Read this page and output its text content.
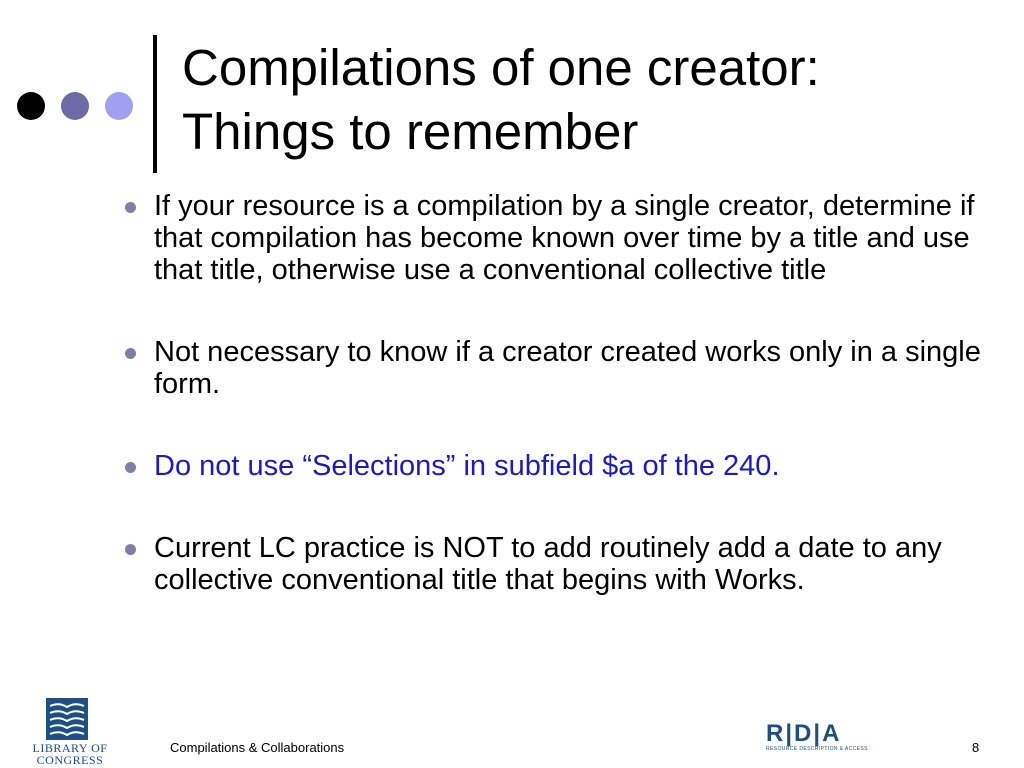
Compilations of one creator:
Things to remember
If your resource is a compilation by a single creator, determine if that compilation has become known over time by a title and use that title, otherwise use a conventional collective title
Not necessary to know if a creator created works only in a single form.
Do not use “Selections” in subfield $a of the 240.
Current LC practice is NOT to add routinely add a date to any collective conventional title that begins with Works.
LIBRARY OF
CONGRESS
Compilations & Collaborations
R|D|A
RESOURCE DESCRIPTION & ACCESS	8
